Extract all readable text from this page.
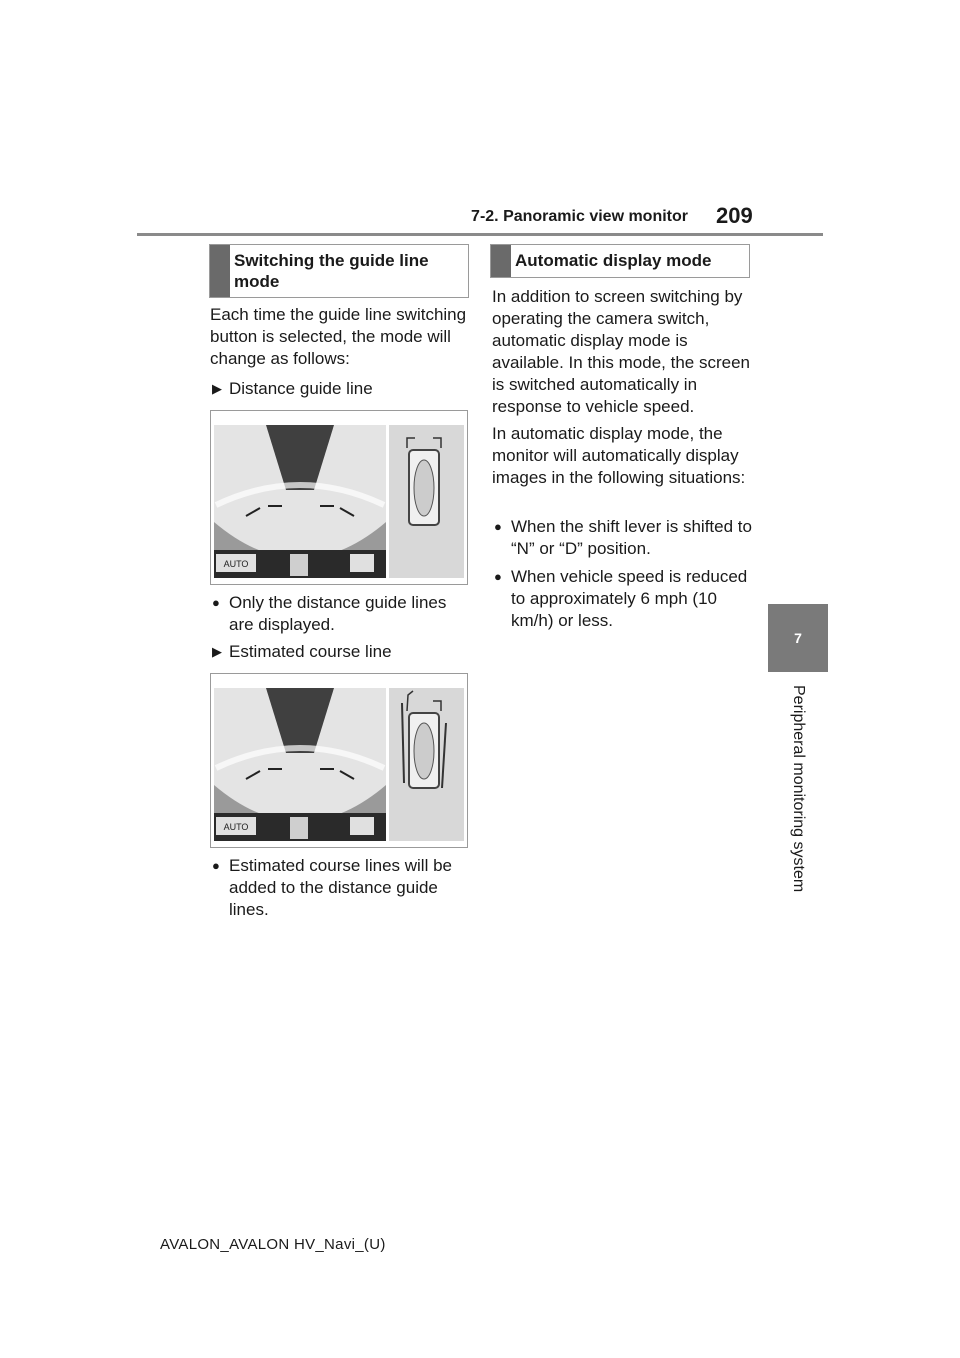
7-2. Panoramic view monitor 209
7
Peripheral monitoring system
Switching the guide line mode

Each time the guide line switching button is selected, the mode will change as follows:

▶ Distance guide line
AUTO
● Only the distance guide lines are displayed.
▶ Estimated course line
AUTO
● Estimated course lines will be added to the distance guide lines.
Automatic display mode

In addition to screen switching by operating the camera switch, automatic display mode is available. In this mode, the screen is switched automatically in response to vehicle speed.

In automatic display mode, the monitor will automatically display images in the following situations:

● When the shift lever is shifted to “N” or “D” position.
● When vehicle speed is reduced to approximately 6 mph (10 km/h) or less.
AVALON_AVALON HV_Navi_(U)
